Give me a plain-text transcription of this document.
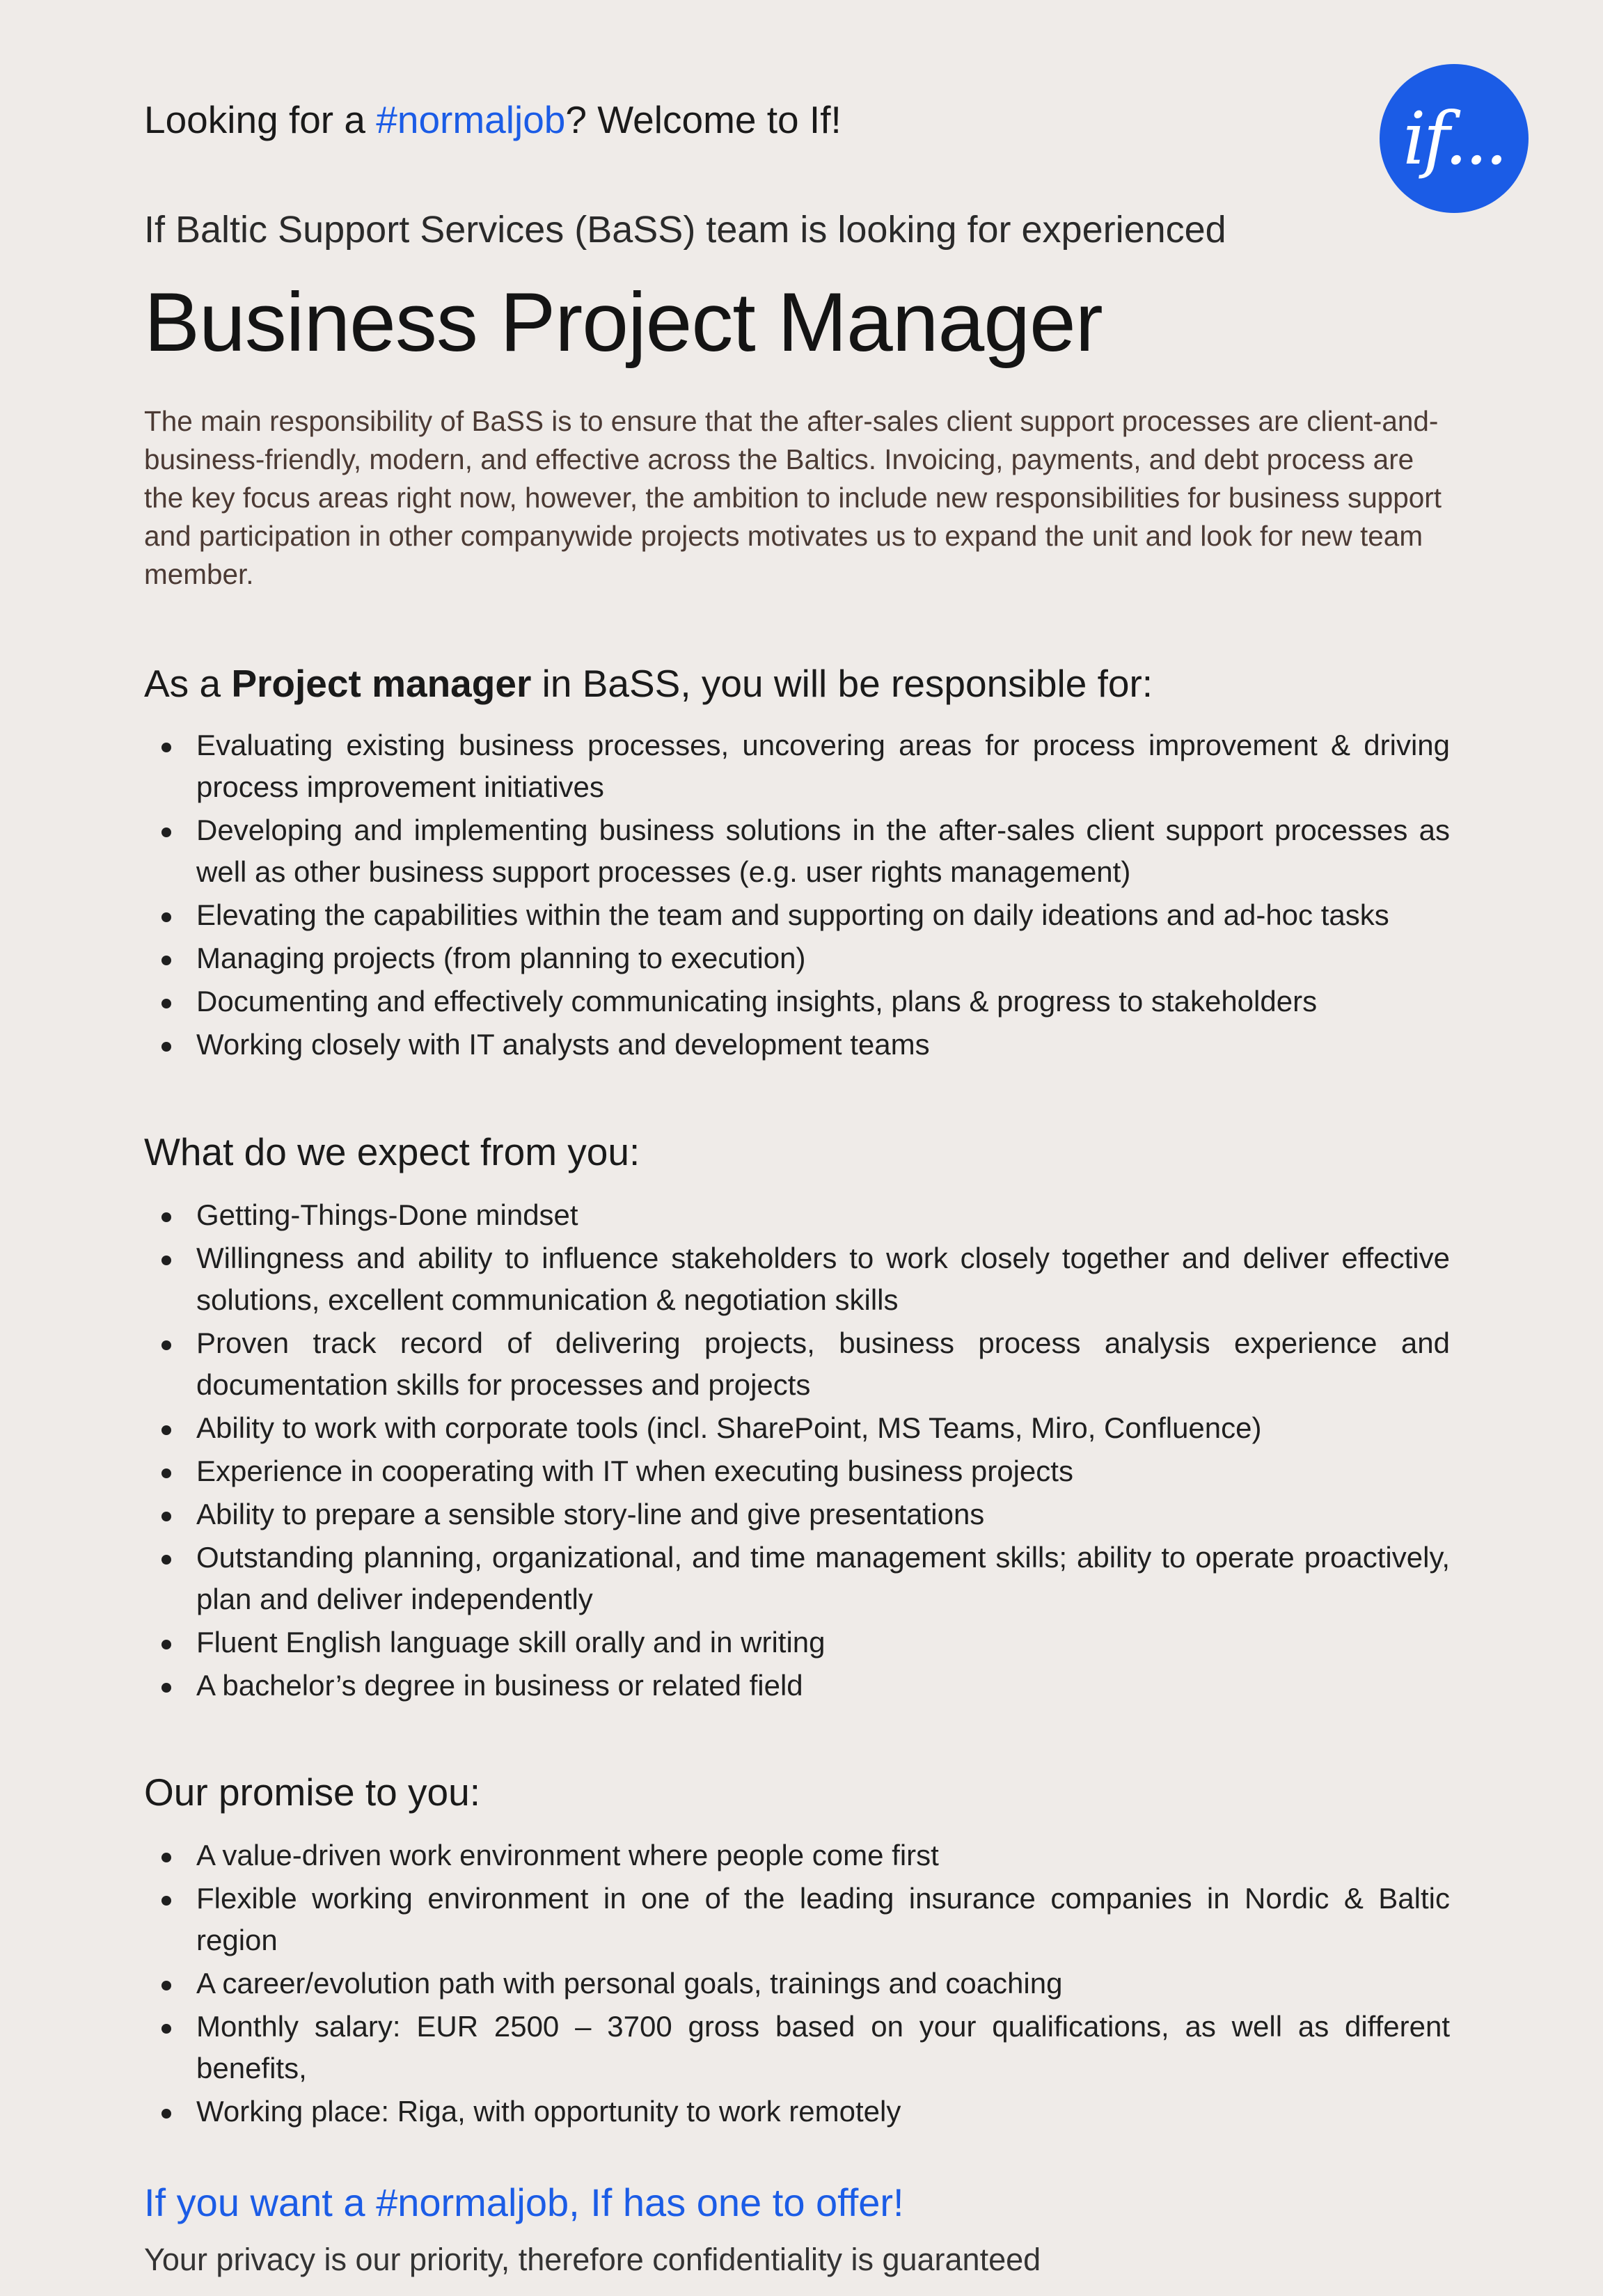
if...
Looking for a #normaljob? Welcome to If!
If Baltic Support Services (BaSS) team is looking for experienced
Business Project Manager
The main responsibility of BaSS is to ensure that the after-sales client support processes are client-and-business-friendly, modern, and effective across the Baltics. Invoicing, payments, and debt process are the key focus areas right now, however, the ambition to include new responsibilities for business support and participation in other companywide projects motivates us to expand the unit and look for new team member.
As a Project manager in BaSS, you will be responsible for:
Evaluating existing business processes, uncovering areas for process improvement & driving process improvement initiatives
Developing and implementing business solutions in the after-sales client support processes as well as other business support processes (e.g. user rights management)
Elevating the capabilities within the team and supporting on daily ideations and ad-hoc tasks
Managing projects (from planning to execution)
Documenting and effectively communicating insights, plans & progress to stakeholders
Working closely with IT analysts and development teams
What do we expect from you:
Getting-Things-Done mindset
Willingness and ability to influence stakeholders to work closely together and deliver effective solutions, excellent communication & negotiation skills
Proven track record of delivering projects, business process analysis experience and documentation skills for processes and projects
Ability to work with corporate tools (incl. SharePoint, MS Teams, Miro, Confluence)
Experience in cooperating with IT when executing business projects
Ability to prepare a sensible story-line and give presentations
Outstanding planning, organizational, and time management skills; ability to operate proactively, plan and deliver independently
Fluent English language skill orally and in writing
A bachelor’s degree in business or related field
Our promise to you:
A value-driven work environment where people come first
Flexible working environment in one of the leading insurance companies in Nordic & Baltic region
A career/evolution path with personal goals, trainings and coaching
Monthly salary: EUR 2500 – 3700 gross based on your qualifications, as well as different benefits,
Working place: Riga, with opportunity to work remotely
If you want a #normaljob, If has one to offer!
Your privacy is our priority, therefore confidentiality is guaranteed
